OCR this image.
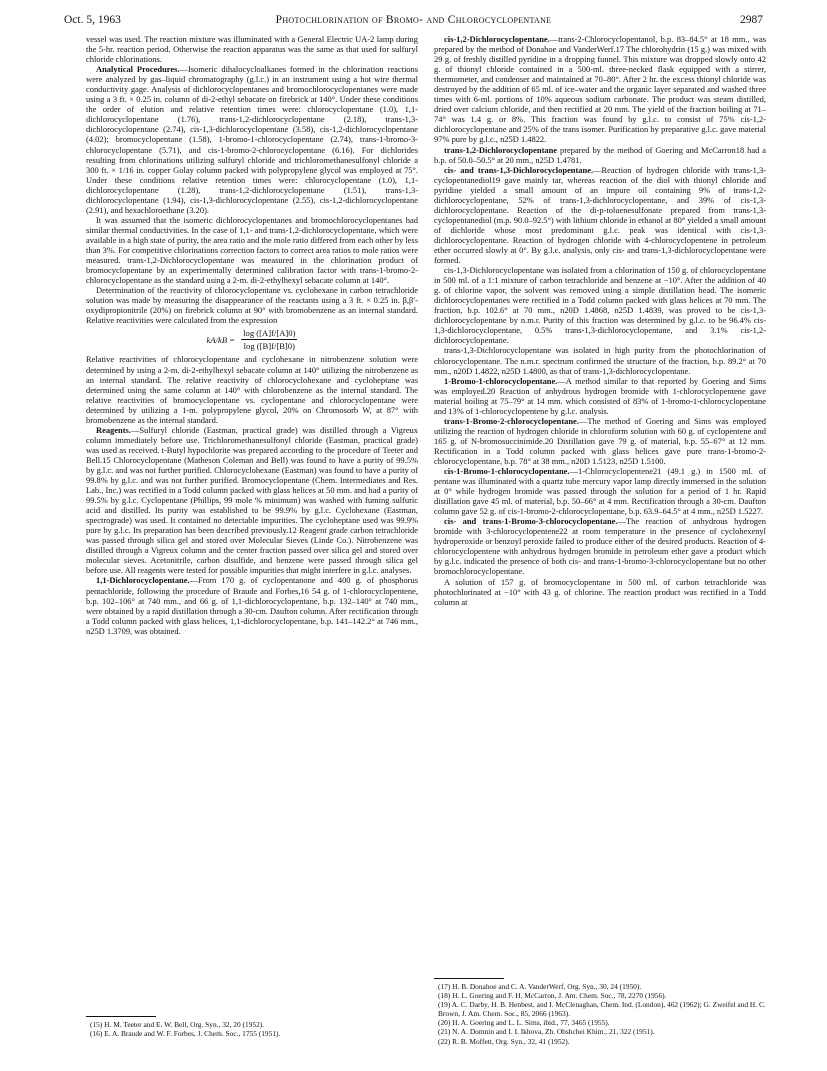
Oct. 5, 1963	Photochlorination of Bromo- and Chlorocyclopentane	2987

vessel was used. The reaction mixture was illuminated with a General Electric UA-2 lamp during the 5-hr. reaction period. Otherwise the reaction apparatus was the same as that used for sulfuryl chloride chlorinations.

Analytical Procedures.—Isomeric dihalocycloalkanes formed in the chlorination reactions were analyzed by gas–liquid chromatography (g.l.c.) in an instrument using a hot wire thermal conductivity gage. Analysis of dichlorocyclopentanes and bromochlorocyclopentanes were made using a 3 ft. × 0.25 in. column of di-2-ethyl sebacate on firebrick at 140°. Under these conditions the order of elution and relative retention times were: chlorocyclopentane (1.0), 1,1-dichlorocyclopentane (1.76), trans-1,2-dichlorocyclopentane (2.18), trans-1,3-dichlorocyclopentane (2.74), cis-1,3-dichlorocyclopentane (3.58), cis-1,2-dichlorocyclopentane (4.02); bromocyclopentane (1.58), 1-bromo-1-chlorocyclopentane (2.74), trans-1-bromo-3-chlorocyclopentane (5.71), and cis-1-bromo-2-chlorocyclopentane (6.16). For dichlorides resulting from chlorinations utilizing sulfuryl chloride and trichloromethanesulfonyl chloride a 300 ft. × 1/16 in. copper Golay column packed with polypropylene glycol was employed at 75°. Under these conditions relative retention times were: chlorocyclopentane (1.0), 1,1-dichlorocyclopentane (1.28), trans-1,2-dichlorocyclopentane (1.51), trans-1,3-dichlorocyclopentane (1.94), cis-1,3-dichlorocyclopentane (2.55), cis-1,2-dichlorocyclopentane (2.91), and hexachloroethane (3.20).

It was assumed that the isomeric dichlorocyclopentanes and bromochlorocyclopentanes had similar thermal conductivities. In the case of 1,1- and trans-1,2-dichlorocyclopentane, which were available in a high state of purity, the area ratio and the mole ratio differed from each other by less than 3%. For competitive chlorinations correction factors to correct area ratios to mole ratios were measured. trans-1,2-Dichlorocyclopentane was measured in the chlorination product of bromocyclopentane by an experimentally determined calibration factor with trans-1-bromo-2-chlorocyclopentane as the standard using a 2-m. di-2-ethylhexyl sebacate column at 140°.

Determination of the reactivity of chlorocyclopentane vs. cyclohexane in carbon tetrachloride solution was made by measuring the disappearance of the reactants using a 3 ft. × 0.25 in. β,β′-oxydipropionitrile (20%) on firebrick column at 90° with bromobenzene as an internal standard. Relative reactivities were calculated from the expression

$kA/kB = \frac{\log ([A]f/[A]0)}{\log ([B]f/[B]0)}$

Relative reactivities of chlorocyclopentane and cyclohexane in nitrobenzene solution were determined by using a 2-m. di-2-ethylhexyl sebacate column at 140° utilizing the nitrobenzene as an internal standard. The relative reactivity of chlorocyclohexane and cycloheptane was determined using the same column at 140° with chlorobenzene as the internal standard. The relative reactivities of bromocyclopentane vs. cyclopentane and chlorocyclopentane were determined by utilizing a 1-m. polypropylene glycol, 20% on Chromosorb W, at 87° with bromobenzene as the internal standard.

Reagents.—Sulfuryl chloride (Eastman, practical grade) was distilled through a Vigreux column immediately before use. Trichloromethanesulfonyl chloride (Eastman, practical grade) was used as received. t-Butyl hypochlorite was prepared according to the procedure of Teeter and Bell.15 Chlorocyclopentane (Matheson Coleman and Bell) was found to have a purity of 99.5% by g.l.c. and was not further purified. Chlorocyclohexane (Eastman) was found to have a purity of 99.8% by g.l.c. and was not further purified. Bromocyclopentane (Chem. Intermediates and Res. Lab., Inc.) was rectified in a Todd column packed with glass helices at 50 mm. and had a purity of 99.5% by g.l.c. Cyclopentane (Phillips, 99 mole % minimum) was washed with fuming sulfuric acid and distilled. Its purity was established to be 99.9% by g.l.c. Cyclohexane (Eastman, spectrograde) was used. It contained no detectable impurities. The cycloheptane used was 99.9% pure by g.l.c. Its preparation has been described previously.12 Reagent grade carbon tetrachloride was passed through silica gel and stored over Molecular Sieves (Linde Co.). Nitrobenzene was distilled through a Vigreux column and the center fraction passed over silica gel and stored over molecular sieves. Acetonitrile, carbon disulfide, and benzene were passed through silica gel before use. All reagents were tested for possible impurities that might interfere in g.l.c. analyses.

1,1-Dichlorocyclopentane.—From 170 g. of cyclopentanone and 400 g. of phosphorus pentachloride, following the procedure of Braude and Forbes,16 54 g. of 1-chlorocyclopentene, b.p. 102–106° at 740 mm., and 66 g. of 1,1-dichlorocyclopentane, b.p. 132–140° at 740 mm., were obtained by a rapid distillation through a 30-cm. Daufton column. After rectification through a Todd column packed with glass helices, 1,1-dichlorocyclopentane, b.p. 141–142.2° at 746 mm., n25D 1.3709, was obtained.

cis-1,2-Dichlorocyclopentane.—trans-2-Chlorocyclopentanol, b.p. 83–84.5° at 18 mm., was prepared by the method of Donahoe and VanderWerf.17 The chlorohydrin (15 g.) was mixed with 29 g. of freshly distilled pyridine in a dropping funnel. This mixture was dropped slowly onto 42 g. of thionyl chloride contained in a 500-ml. three-necked flask equipped with a stirrer, thermometer, and condenser and maintained at 70–80°. After 2 hr. the excess thionyl chloride was destroyed by the addition of 65 ml. of ice–water and the organic layer separated and washed three times with 6-ml. portions of 10% aqueous sodium carbonate. The product was steam distilled, dried over calcium chloride, and then rectified at 20 mm. The yield of the fraction boiling at 71–74° was 1.4 g. or 8%. This fraction was found by g.l.c. to consist of 75% cis-1,2-dichlorocyclopentane and 25% of the trans isomer. Purification by preparative g.l.c. gave material 97% pure by g.l.c., n25D 1.4822.

trans-1,2-Dichlorocyclopentane prepared by the method of Goering and McCarron18 had a b.p. of 50.0–50.5° at 20 mm., n25D 1.4781.

cis- and trans-1,3-Dichlorocyclopentane.—Reaction of hydrogen chloride with trans-1,3-cyclopentanediol19 gave mainly tar, whereas reaction of the diol with thionyl chloride and pyridine yielded a small amount of an impure oil containing 9% of trans-1,2-dichlorocyclopentane, 52% of trans-1,3-dichlorocyclopentane, and 39% of cis-1,3-dichlorocyclopentane. Reaction of the di-p-toluenesulfonate prepared from trans-1,3-cyclopentanediol (m.p. 90.0–92.5°) with lithium chloride in ethanol at 80° yielded a small amount of dichloride whose most predominant g.l.c. peak was identical with cis-1,3-dichlorocyclopentane. Reaction of hydrogen chloride with 4-chlorocyclopentene in petroleum ether occurred slowly at 0°. By g.l.c. analysis, only cis- and trans-1,3-dichlorocyclopentane were formed.

cis-1,3-Dichlorocyclopentane was isolated from a chlorination of 150 g. of chlorocyclopentane in 500 ml. of a 1:1 mixture of carbon tetrachloride and benzene at −10°. After the addition of 40 g. of chlorine vapor, the solvent was removed using a simple distillation head. The isomeric dichlorocyclopentanes were rectified in a Todd column packed with glass helices at 70 mm. The fraction, b.p. 102.6° at 70 mm., n20D 1.4868, n25D 1.4839, was proved to be cis-1,3-dichlorocyclopentane by n.m.r. Purity of this fraction was determined by g.l.c. to be 96.4% cis-1,3-dichlorocyclopentane, 0.5% trans-1,3-dichlorocyclopentane, and 3.1% cis-1,2-dichlorocyclopentane.

trans-1,3-Dichlorocyclopentane was isolated in high purity from the photochlorination of chlorocyclopentane. The n.m.r. spectrum confirmed the structure of the fraction, b.p. 89.2° at 70 mm., n20D 1.4822, n25D 1.4800, as that of trans-1,3-dichlorocyclopentane.

1-Bromo-1-chlorocyclopentane.—A method similar to that reported by Goering and Sims was employed.20 Reaction of anhydrous hydrogen bromide with 1-chlorocyclopentene gave material boiling at 75–79° at 14 mm. which consisted of 83% of 1-bromo-1-chlorocyclopentane and 13% of 1-chlorocyclopentene by g.l.c. analysis.

trans-1-Bromo-2-chlorocyclopentane.—The method of Goering and Sims was employed utilizing the reaction of hydrogen chloride in chloroform solution with 60 g. of cyclopentene and 165 g. of N-bromosuccinimide.20 Distillation gave 79 g. of material, b.p. 55–67° at 12 mm. Rectification in a Todd column packed with glass helices gave pure trans-1-bromo-2-chlorocyclopentane, b.p. 78° at 38 mm., n20D 1.5123, n25D 1.5100.

cis-1-Bromo-1-chlorocyclopentane.—1-Chlorocyclopentene21 (49.1 g.) in 1500 ml. of pentane was illuminated with a quartz tube mercury vapor lamp directly immersed in the solution at 0° while hydrogen bromide was passed through the solution for a period of 1 hr. Rapid distillation gave 45 ml. of material, b.p. 50–66° at 4 mm. Rectification through a 30-cm. Daufton column gave 52 g. of cis-1-bromo-2-chlorocyclopentane, b.p. 63.9–64.5° at 4 mm., n25D 1.5227.

cis- and trans-1-Bromo-3-chlorocyclopentane.—The reaction of anhydrous hydrogen bromide with 3-chlorocyclopentene22 at room temperature in the presence of cyclohexenyl hydroperoxide or benzoyl peroxide failed to produce either of the desired products. Reaction of 4-chlorocyclopentene with anhydrous hydrogen bromide in petroleum ether gave a product which by g.l.c. indicated the presence of both cis- and trans-1-bromo-3-chlorocyclopentane but no other bromochlorocyclopentane.

A solution of 157 g. of bromocyclopentane in 500 ml. of carbon tetrachloride was photochlorinated at −10° with 43 g. of chlorine. The reaction product was rectified in a Todd column at

(15) H. M. Teeter and E. W. Bell, Org. Syn., 32, 20 (1952).
(16) E. A. Braude and W. F. Forbes, J. Chem. Soc., 1755 (1951).
(17) H. B. Donahoe and C. A. VanderWerf, Org. Syn., 30, 24 (1950).
(18) H. L. Goering and F. H. McCarron, J. Am. Chem. Soc., 78, 2270 (1956).
(19) A. C. Darby, H. B. Henbest, and I. McClenaghan, Chem. Ind. (London), 462 (1962); G. Zweifel and H. C. Brown, J. Am. Chem. Soc., 85, 2066 (1963).
(20) H. A. Goering and L. L. Sims, ibid., 77, 3465 (1955).
(21) N. A. Domnin and I. I. Ikhova, Zh. Obshchei Khim., 21, 322 (1951).
(22) R. B. Moffett, Org. Syn., 32, 41 (1952).
